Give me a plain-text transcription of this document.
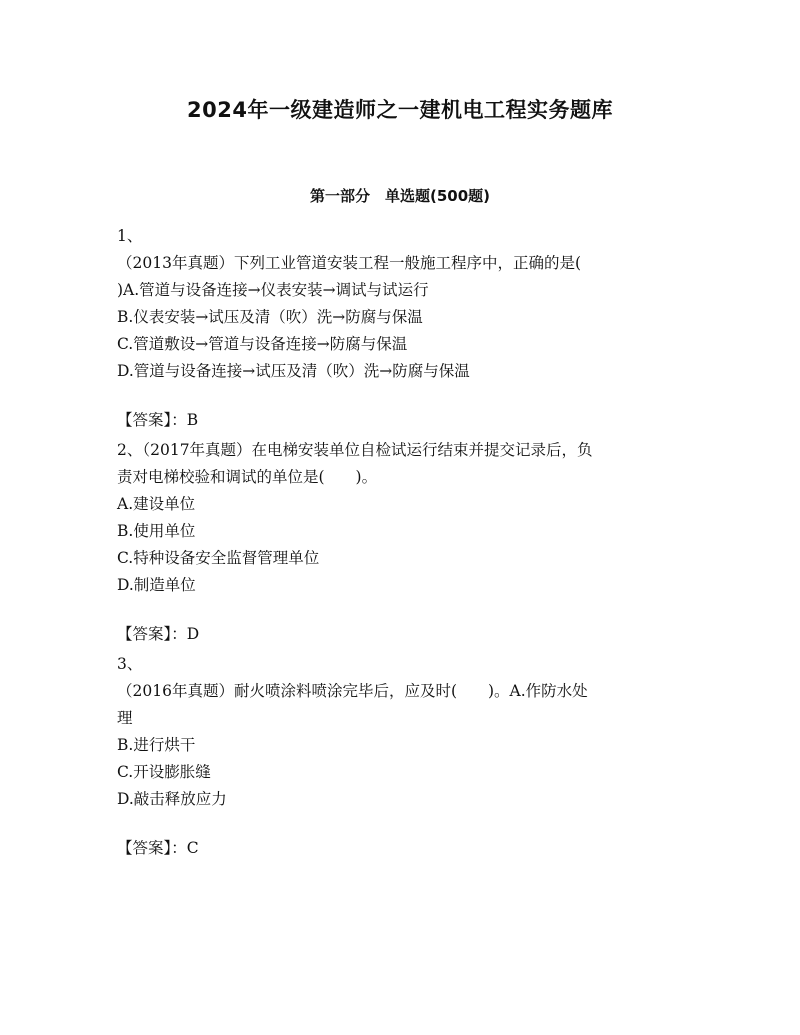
2024年一级建造师之一建机电工程实务题库
第一部分　单选题(500题)
1、
（2013年真题）下列工业管道安装工程一般施工程序中，正确的是(
)A.管道与设备连接→仪表安装→调试与试运行
B.仪表安装→试压及清（吹）洗→防腐与保温
C.管道敷设→管道与设备连接→防腐与保温
D.管道与设备连接→试压及清（吹）洗→防腐与保温
【答案】：B
2、（2017年真题）在电梯安装单位自检试运行结束并提交记录后，负
责对电梯校验和调试的单位是(　　)。
A.建设单位
B.使用单位
C.特种设备安全监督管理单位
D.制造单位
【答案】：D
3、
（2016年真题）耐火喷涂料喷涂完毕后，应及时(　　)。A.作防水处
理
B.进行烘干
C.开设膨胀缝
D.敲击释放应力
【答案】：C
